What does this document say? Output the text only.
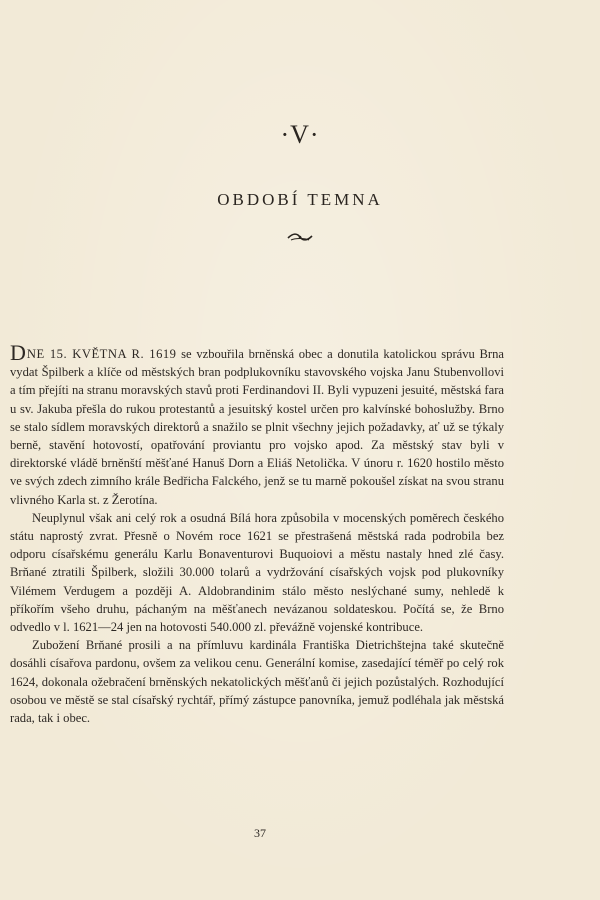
·V·
OBDOBÍ TEMNA

DNE 15. KVĚTNA R. 1619 se vzbouřila brněnská obec a donutila katolickou správu Brna vydat Špilberk a klíče od městských bran podplukovníku stavovského vojska Janu Stubenvollovi a tím přejíti na stranu moravských stavů proti Ferdinandovi II. Byli vypuzeni jesuité, městská fara u sv. Jakuba přešla do rukou protestantů a jesuitský kostel určen pro kalvínské bohoslužby. Brno se stalo sídlem moravských direktorů a snažilo se plnit všechny jejich požadavky, ať už se týkaly berně, stavění hotovostí, opatřování proviantu pro vojsko apod. Za městský stav byli v direktorské vládě brněnští měšťané Hanuš Dorn a Eliáš Netolička. V únoru r. 1620 hostilo město ve svých zdech zimního krále Bedřicha Falckého, jenž se tu marně pokoušel získat na svou stranu vlivného Karla st. z Žerotína.

Neuplynul však ani celý rok a osudná Bílá hora způsobila v mocenských poměrech českého státu naprostý zvrat. Přesně o Novém roce 1621 se přestrašená městská rada podrobila bez odporu císařskému generálu Karlu Bonaventurovi Buquoiovi a městu nastaly hned zlé časy. Brňané ztratili Špilberk, složili 30.000 tolarů a vydržování císařských vojsk pod plukovníky Vilémem Verdugem a později A. Aldobrandinim stálo město neslýchané sumy, nehledě k příkořím všeho druhu, páchaným na měšťanech nevázanou soldateskou. Počítá se, že Brno odvedlo v l. 1621—24 jen na hotovosti 540.000 zl. převážně vojenské kontribuce.

Zubožení Brňané prosili a na přímluvu kardinála Františka Dietrichštejna také skutečně dosáhli císařova pardonu, ovšem za velikou cenu. Generální komise, zasedající téměř po celý rok 1624, dokonala ožebračení brněnských nekatolických měšťanů či jejich pozůstalých. Rozhodující osobou ve městě se stal císařský rychtář, přímý zástupce panovníka, jemuž podléhala jak městská rada, tak i obec.

37
